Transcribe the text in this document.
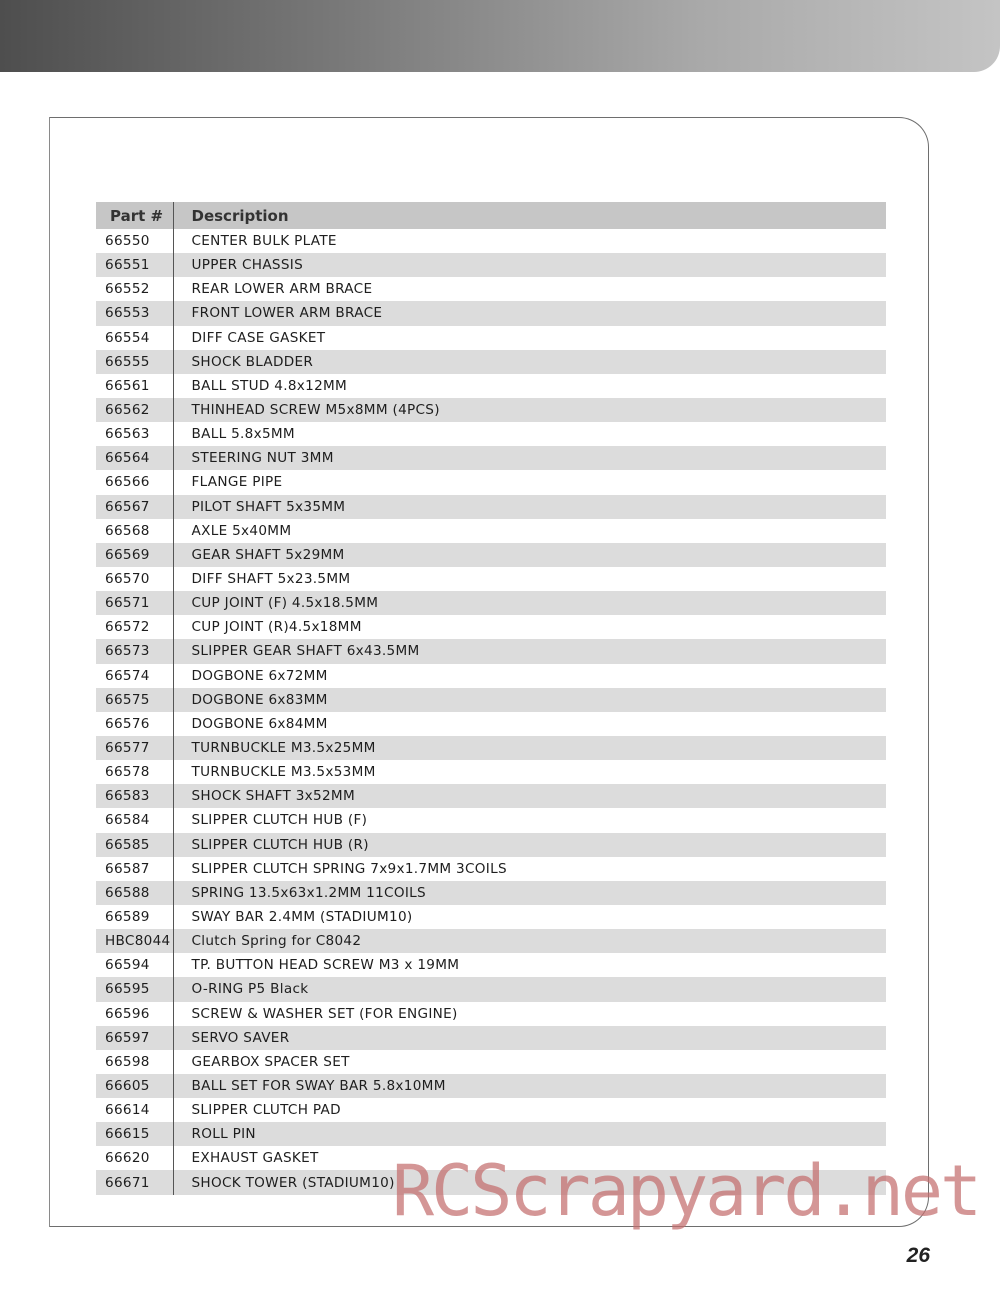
Part #	Description
66550	CENTER BULK PLATE
66551	UPPER CHASSIS
66552	REAR LOWER ARM BRACE
66553	FRONT LOWER ARM BRACE
66554	DIFF CASE GASKET
66555	SHOCK BLADDER
66561	BALL STUD 4.8x12MM
66562	THINHEAD SCREW M5x8MM (4PCS)
66563	BALL 5.8x5MM
66564	STEERING NUT 3MM
66566	FLANGE PIPE
66567	PILOT SHAFT 5x35MM
66568	AXLE 5x40MM
66569	GEAR SHAFT 5x29MM
66570	DIFF SHAFT 5x23.5MM
66571	CUP JOINT (F) 4.5x18.5MM
66572	CUP JOINT (R)4.5x18MM
66573	SLIPPER GEAR SHAFT 6x43.5MM
66574	DOGBONE 6x72MM
66575	DOGBONE 6x83MM
66576	DOGBONE 6x84MM
66577	TURNBUCKLE M3.5x25MM
66578	TURNBUCKLE M3.5x53MM
66583	SHOCK SHAFT 3x52MM
66584	SLIPPER CLUTCH HUB (F)
66585	SLIPPER CLUTCH HUB (R)
66587	SLIPPER CLUTCH SPRING 7x9x1.7MM 3COILS
66588	SPRING 13.5x63x1.2MM 11COILS
66589	SWAY BAR 2.4MM (STADIUM10)
HBC8044	Clutch Spring for C8042
66594	TP. BUTTON HEAD SCREW M3 x 19MM
66595	O-RING P5 Black
66596	SCREW & WASHER SET (FOR ENGINE)
66597	SERVO SAVER
66598	GEARBOX SPACER SET
66605	BALL SET FOR SWAY BAR 5.8x10MM
66614	SLIPPER CLUTCH PAD
66615	ROLL PIN
66620	EXHAUST GASKET
66671	SHOCK TOWER (STADIUM10)
RCScrapyard.net
26
